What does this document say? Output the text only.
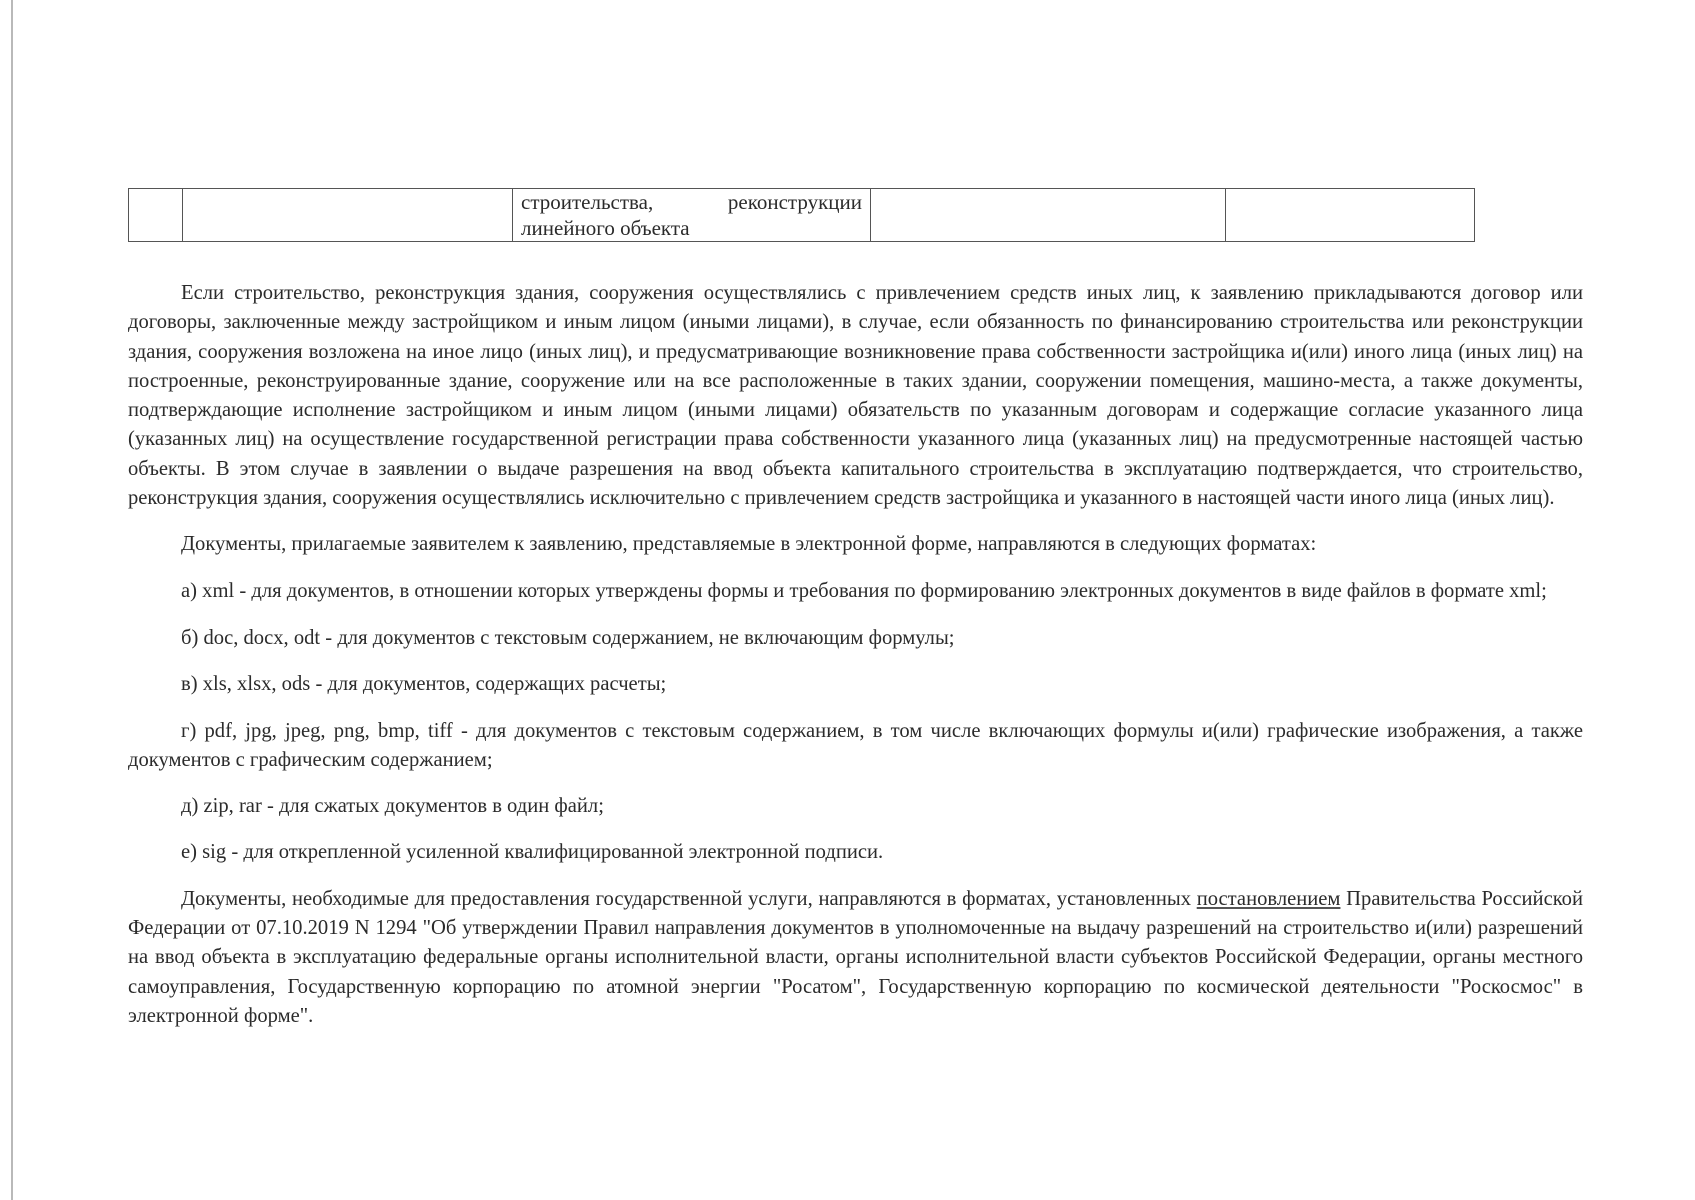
строительства,      реконструкции
линейного объекта		

Если строительство, реконструкция здания, сооружения осуществлялись с привлечением средств иных лиц, к заявлению прикладываются договор или договоры, заключенные между застройщиком и иным лицом (иными лицами), в случае, если обязанность по финансированию строительства или реконструкции здания, сооружения возложена на иное лицо (иных лиц), и предусматривающие возникновение права собственности застройщика и(или) иного лица (иных лиц) на построенные, реконструированные здание, сооружение или на все расположенные в таких здании, сооружении помещения, машино-места, а также документы, подтверждающие исполнение застройщиком и иным лицом (иными лицами) обязательств по указанным договорам и содержащие согласие указанного лица (указанных лиц) на осуществление государственной регистрации права собственности указанного лица (указанных лиц) на предусмотренные настоящей частью объекты. В этом случае в заявлении о выдаче разрешения на ввод объекта капитального строительства в эксплуатацию подтверждается, что строительство, реконструкция здания, сооружения осуществлялись исключительно с привлечением средств застройщика и указанного в настоящей части иного лица (иных лиц).

Документы, прилагаемые заявителем к заявлению, представляемые в электронной форме, направляются в следующих форматах:

а) xml - для документов, в отношении которых утверждены формы и требования по формированию электронных документов в виде файлов в формате xml;

б) doc, docx, odt - для документов с текстовым содержанием, не включающим формулы;

в) xls, xlsx, ods - для документов, содержащих расчеты;

г) pdf, jpg, jpeg, png, bmp, tiff - для документов с текстовым содержанием, в том числе включающих формулы и(или) графические изображения, а также документов с графическим содержанием;

д) zip, rar - для сжатых документов в один файл;

е) sig - для открепленной усиленной квалифицированной электронной подписи.

Документы, необходимые для предоставления государственной услуги, направляются в форматах, установленных постановлением Правительства Российской Федерации от 07.10.2019 N 1294 "Об утверждении Правил направления документов в уполномоченные на выдачу разрешений на строительство и(или) разрешений на ввод объекта в эксплуатацию федеральные органы исполнительной власти, органы исполнительной власти субъектов Российской Федерации, органы местного самоуправления, Государственную корпорацию по атомной энергии "Росатом", Государственную корпорацию по космической деятельности "Роскосмос" в электронной форме".
